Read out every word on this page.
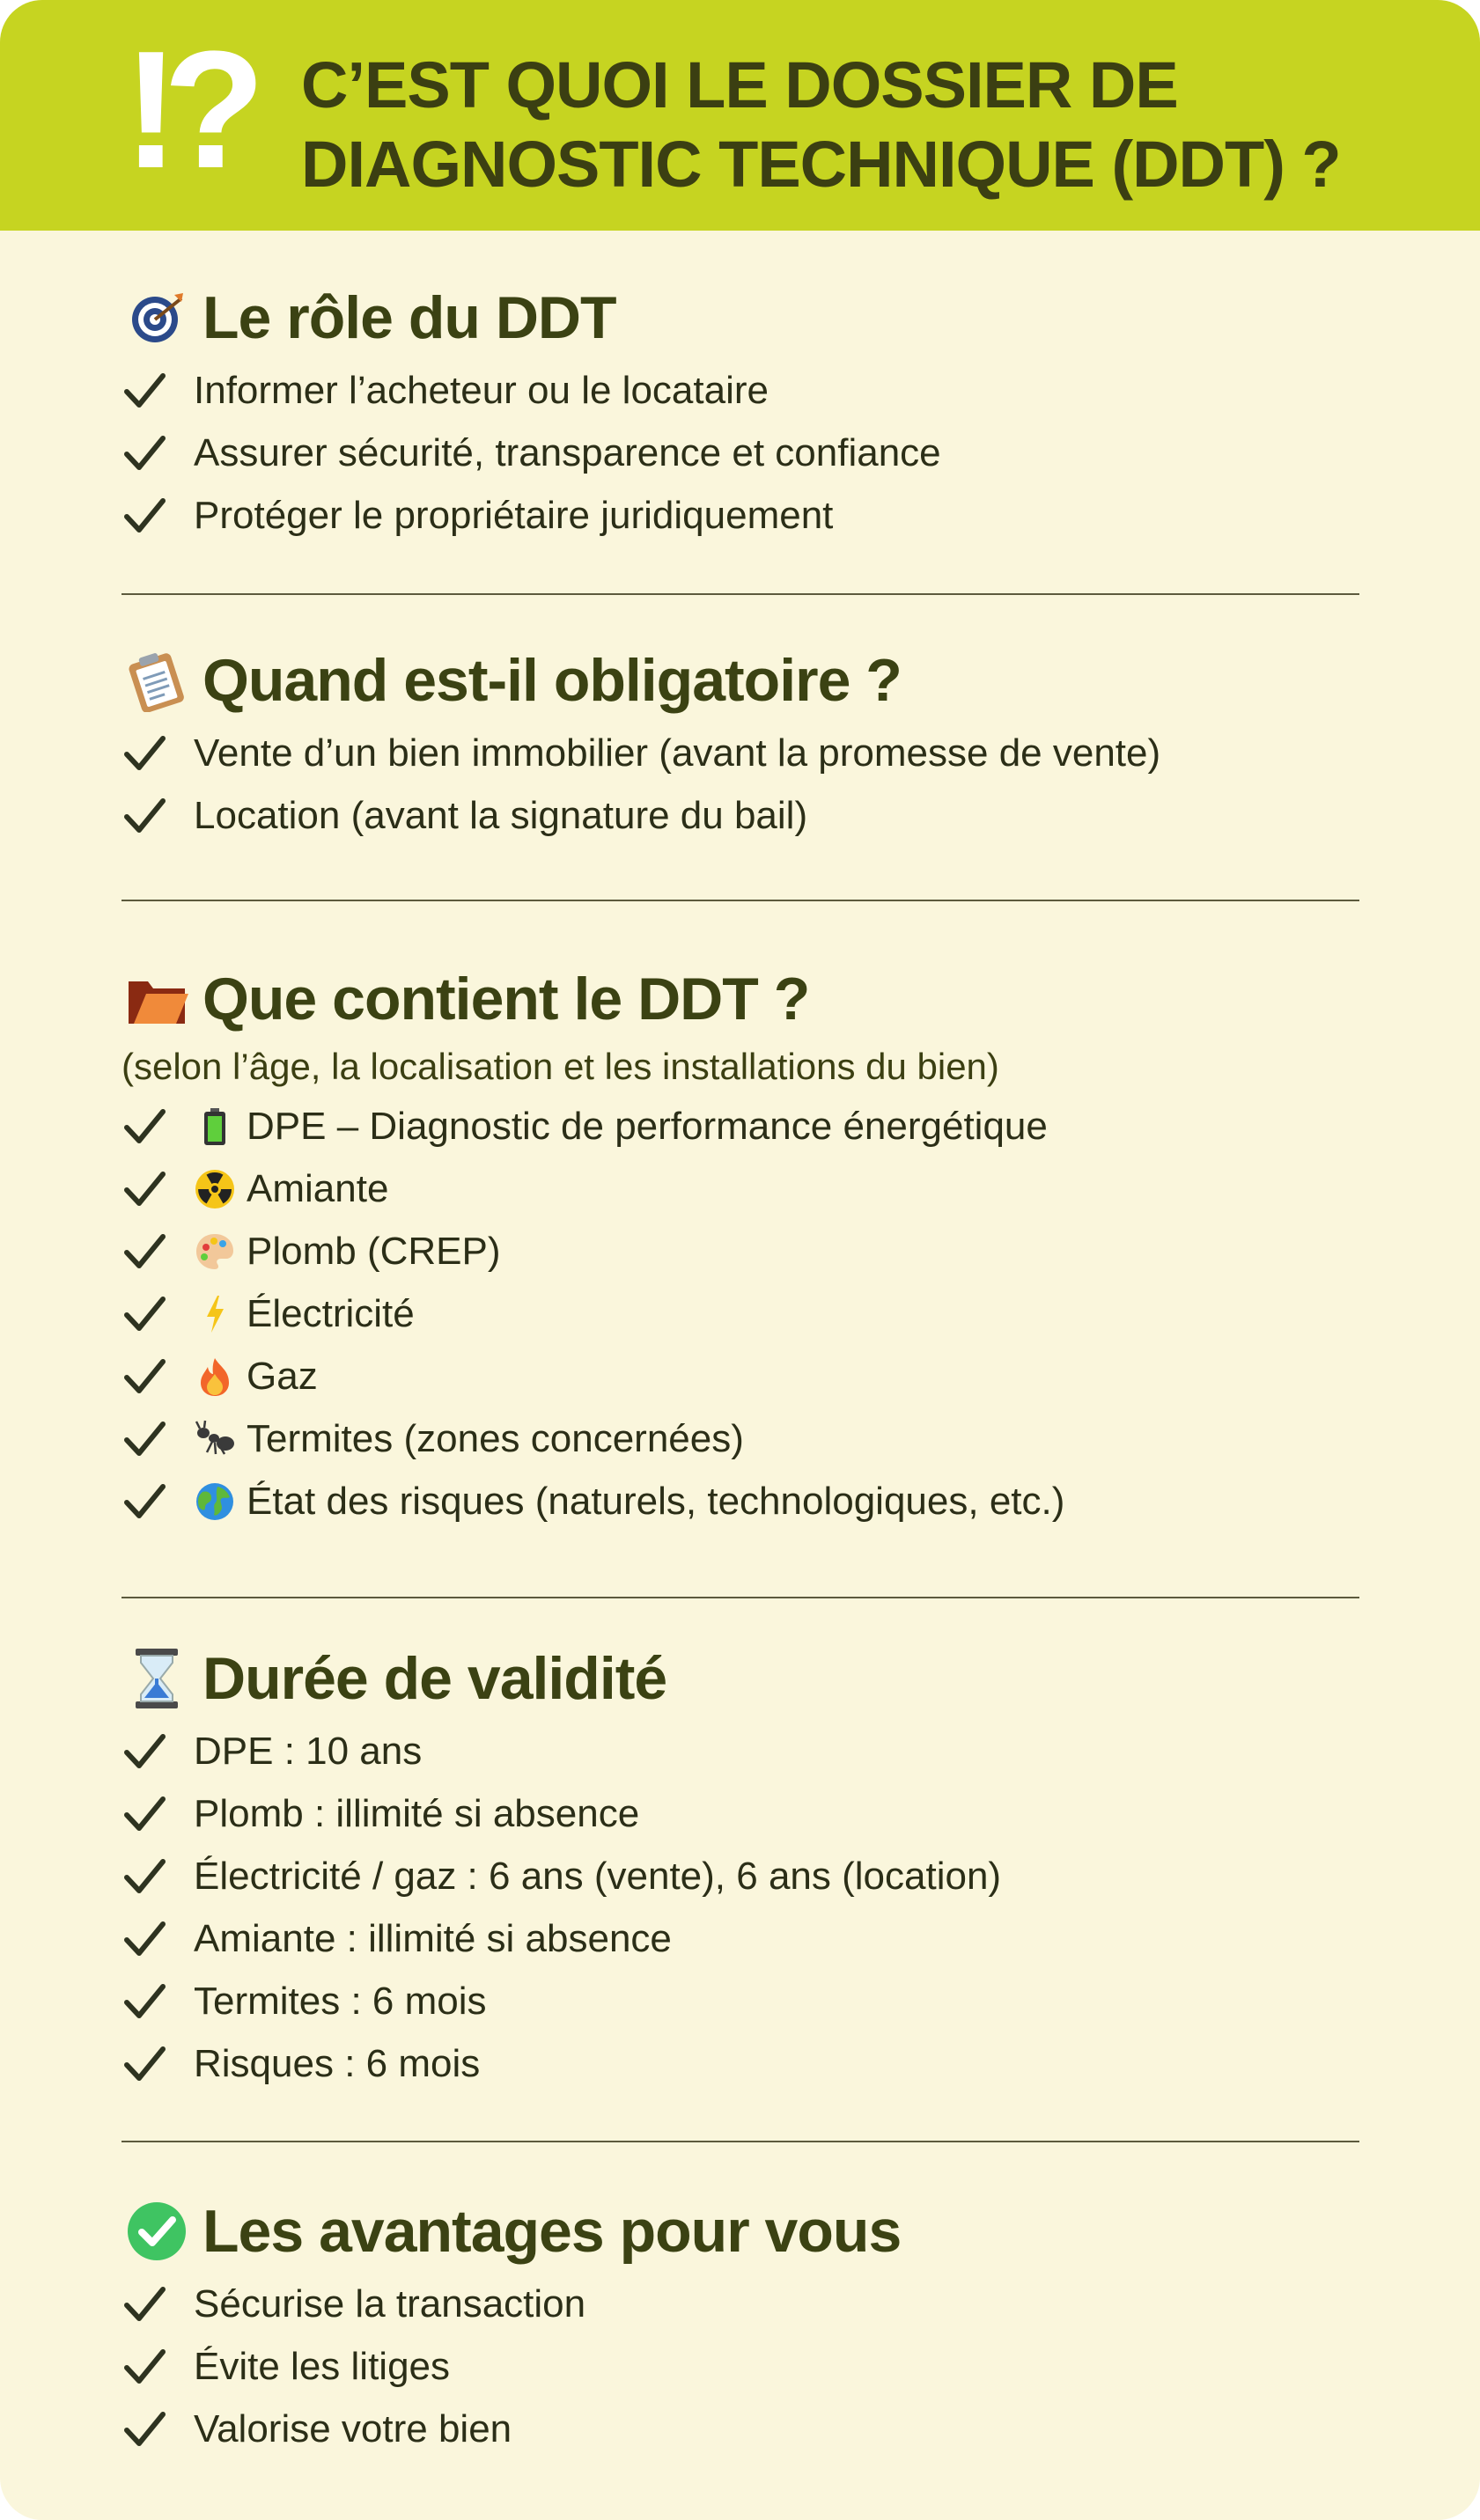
!? C’EST QUOI LE DOSSIER DE
DIAGNOSTIC TECHNIQUE (DDT) ?
Le rôle du DDT
Informer l’acheteur ou le locataire
Assurer sécurité, transparence et confiance
Protéger le propriétaire juridiquement
Quand est-il obligatoire ?
Vente d’un bien immobilier (avant la promesse de vente)
Location (avant la signature du bail)
Que contient le DDT ?
(selon l’âge, la localisation et les installations du bien)
DPE – Diagnostic de performance énergétique
Amiante
Plomb (CREP)
Électricité
Gaz
Termites (zones concernées)
État des risques (naturels, technologiques, etc.)
Durée de validité
DPE : 10 ans
Plomb : illimité si absence
Électricité / gaz : 6 ans (vente), 6 ans (location)
Amiante : illimité si absence
Termites : 6 mois
Risques : 6 mois
Les avantages pour vous
Sécurise la transaction
Évite les litiges
Valorise votre bien
